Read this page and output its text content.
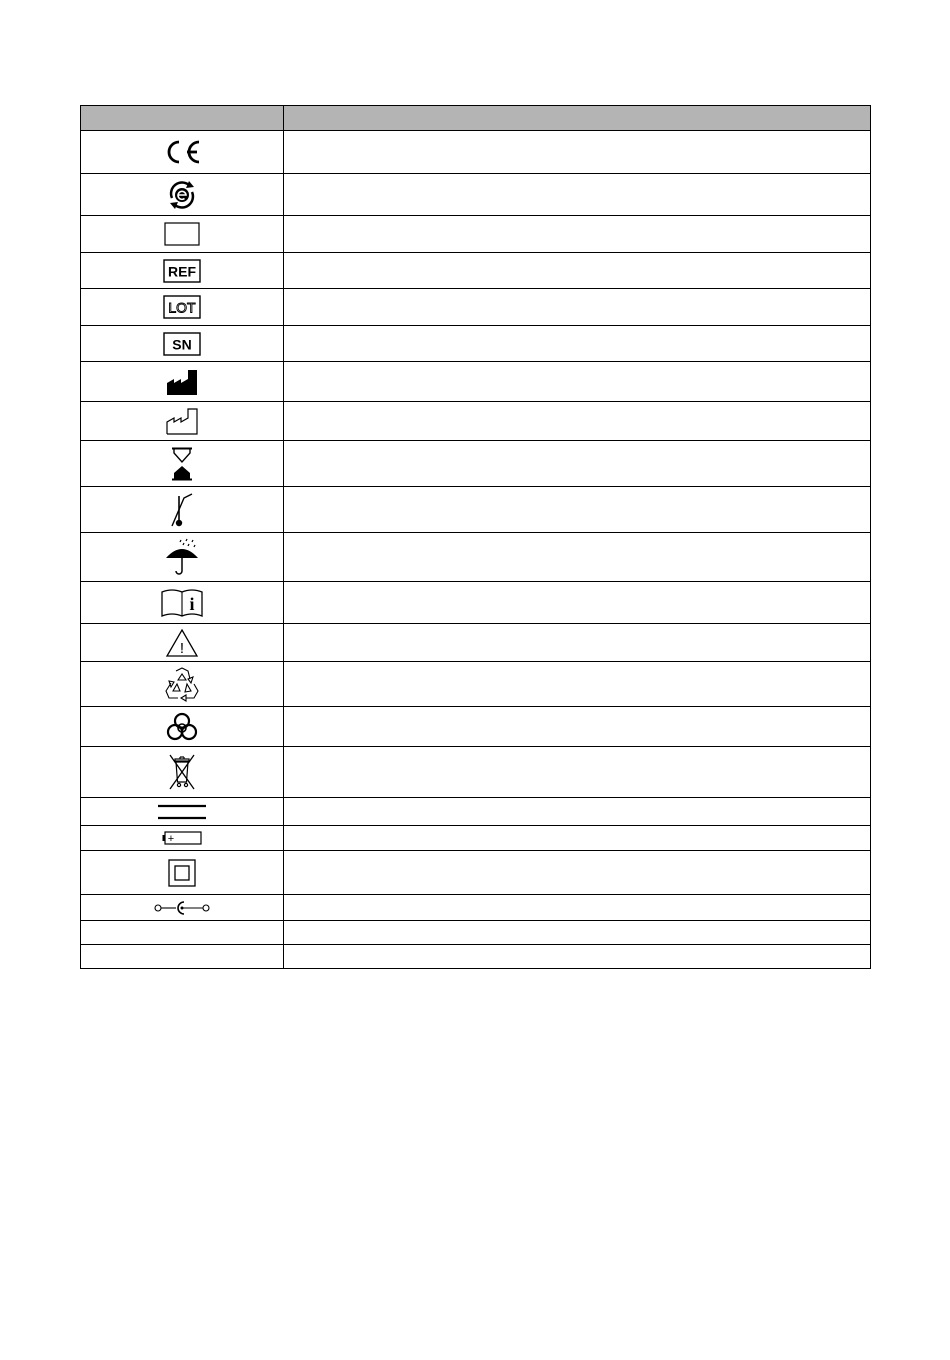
REF	

LOT	

SN	

i	

!	

+	
